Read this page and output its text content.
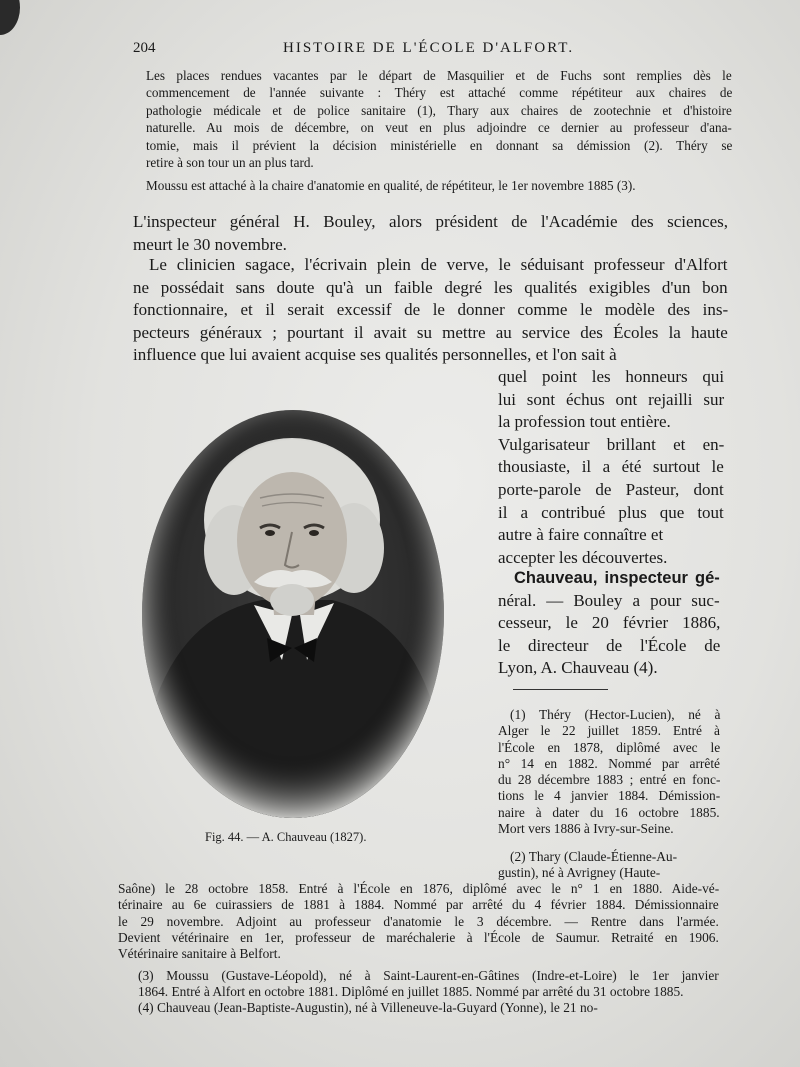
204	HISTOIRE DE L'ÉCOLE D'ALFORT.
Les places rendues vacantes par le départ de Masquilier et de Fuchs sont remplies dès le
commencement de l'année suivante : Théry est attaché comme répétiteur aux chaires de
pathologie médicale et de police sanitaire (1), Thary aux chaires de zootechnie et d'histoire
naturelle. Au mois de décembre, on veut en plus adjoindre ce dernier au professeur d'ana-
tomie, mais il prévient la décision ministérielle en donnant sa démission (2). Théry se
retire à son tour un an plus tard.
Moussu est attaché à la chaire d'anatomie en qualité, de répétiteur, le 1er novembre 1885 (3).
L'inspecteur général H. Bouley, alors président de l'Académie des sciences,
meurt le 30 novembre.
Le clinicien sagace, l'écrivain plein de verve, le séduisant professeur d'Alfort
ne possédait sans doute qu'à un faible degré les qualités exigibles d'un bon
fonctionnaire, et il serait excessif de le donner comme le modèle des ins-
pecteurs généraux ; pourtant il avait su mettre au service des Écoles la haute
influence que lui avaient acquise ses qualités personnelles, et l'on sait à
quel point les honneurs qui
lui sont échus ont rejailli sur
la profession tout entière.
Vulgarisateur brillant et en-
thousiaste, il a été surtout le
porte-parole de Pasteur, dont
il a contribué plus que tout
autre à faire connaître et
accepter les découvertes.
Chauveau, inspecteur gé-
néral. — Bouley a pour suc-
cesseur, le 20 février 1886,
le directeur de l'École de
Lyon, A. Chauveau (4).
Fig. 44. — A. Chauveau (1827).
(1) Théry (Hector-Lucien), né à
Alger le 22 juillet 1859. Entré à
l'École en 1878, diplômé avec le
n° 14 en 1882. Nommé par arrêté
du 28 décembre 1883 ; entré en fonc-
tions le 4 janvier 1884. Démission-
naire à dater du 16 octobre 1885.
Mort vers 1886 à Ivry-sur-Seine.
(2) Thary (Claude-Étienne-Au-
gustin), né à Avrigney (Haute-
Saône) le 28 octobre 1858. Entré à l'École en 1876, diplômé avec le n° 1 en 1880. Aide-vé-
térinaire au 6e cuirassiers de 1881 à 1884. Nommé par arrêté du 4 février 1884. Démissionnaire
le 29 novembre. Adjoint au professeur d'anatomie le 3 décembre. — Rentre dans l'armée.
Devient vétérinaire en 1er, professeur de maréchalerie à l'École de Saumur. Retraité en 1906.
Vétérinaire sanitaire à Belfort.
(3) Moussu (Gustave-Léopold), né à Saint-Laurent-en-Gâtines (Indre-et-Loire) le 1er janvier
1864. Entré à Alfort en octobre 1881. Diplômé en juillet 1885. Nommé par arrêté du 31 octobre 1885.
(4) Chauveau (Jean-Baptiste-Augustin), né à Villeneuve-la-Guyard (Yonne), le 21 no-
